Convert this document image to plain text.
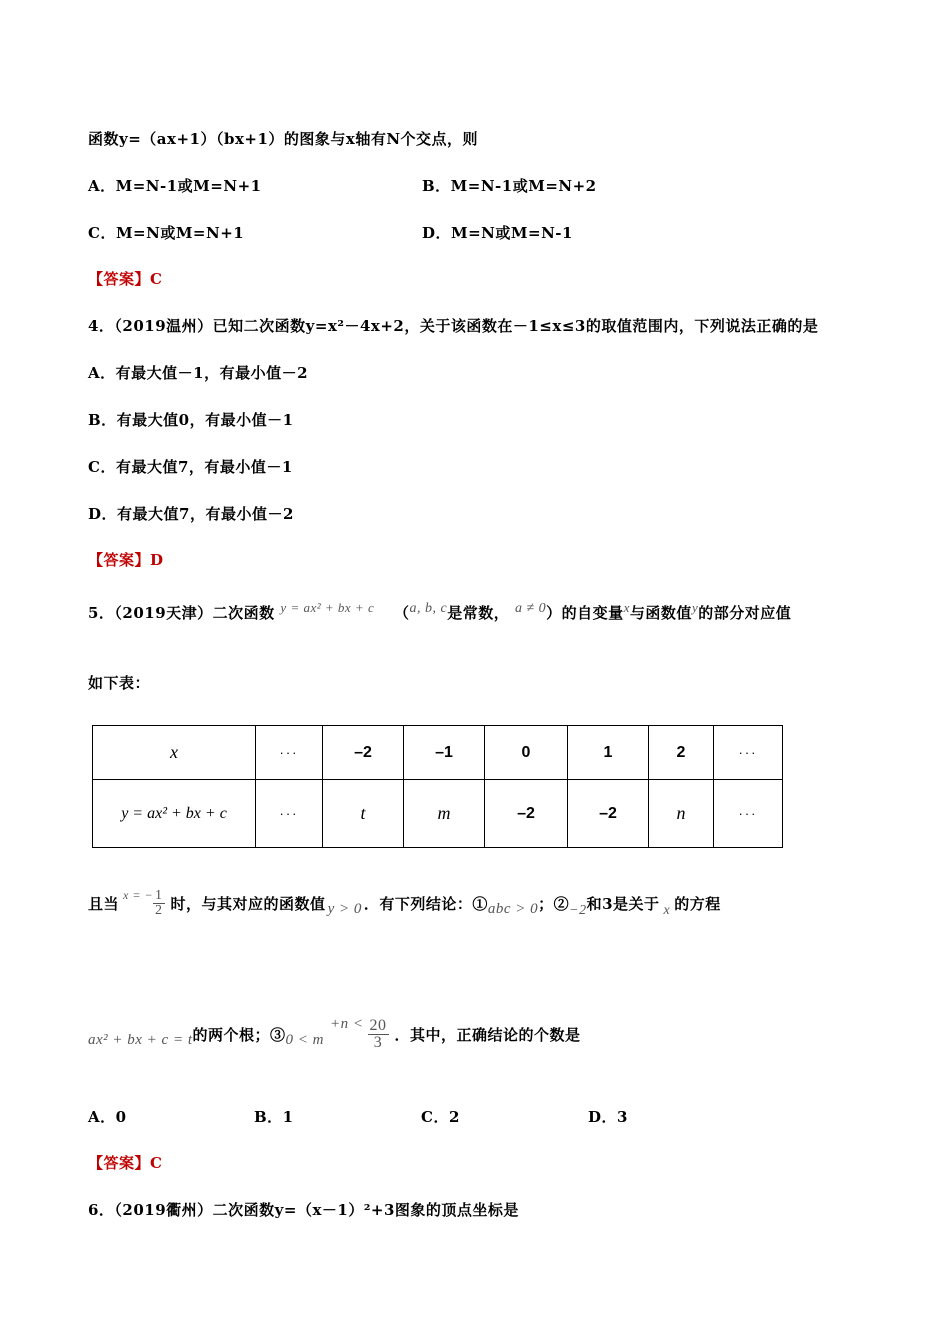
函数y=（ax+1）（bx+1）的图象与x轴有N个交点，则
A．M=N-1或M=N+1	B．M=N-1或M=N+2
C．M=N或M=N+1	D．M=N或M=N-1
【答案】C
4．（2019温州）已知二次函数y=x²－4x+2，关于该函数在－1≤x≤3的取值范围内，下列说法正确的是
A．有最大值－1，有最小值－2
B．有最大值0，有最小值－1
C．有最大值7，有最小值－1
D．有最大值7，有最小值－2
【答案】D
5．（2019天津）二次函数 y = ax² + bx + c （a, b, c是常数， a ≠ 0）的自变量x与函数值y的部分对应值
如下表：
x	···	–2	–1	0	1	2	···
y = ax² + bx + c	···	t	m	–2	–2	n	···
且当 x = − $\frac{1}{2}$ 时，与其对应的函数值 y > 0 ．有下列结论：① abc > 0 ；② −2 和3是关于 x 的方程
ax² + bx + c = t 的两个根；③ 0 < m
$+n < \frac{20}{3}$ ．其中，正确结论的个数是
A．0	B．1	C．2	D．3
【答案】C
6．（2019衢州）二次函数y=（x－1）²+3图象的顶点坐标是
